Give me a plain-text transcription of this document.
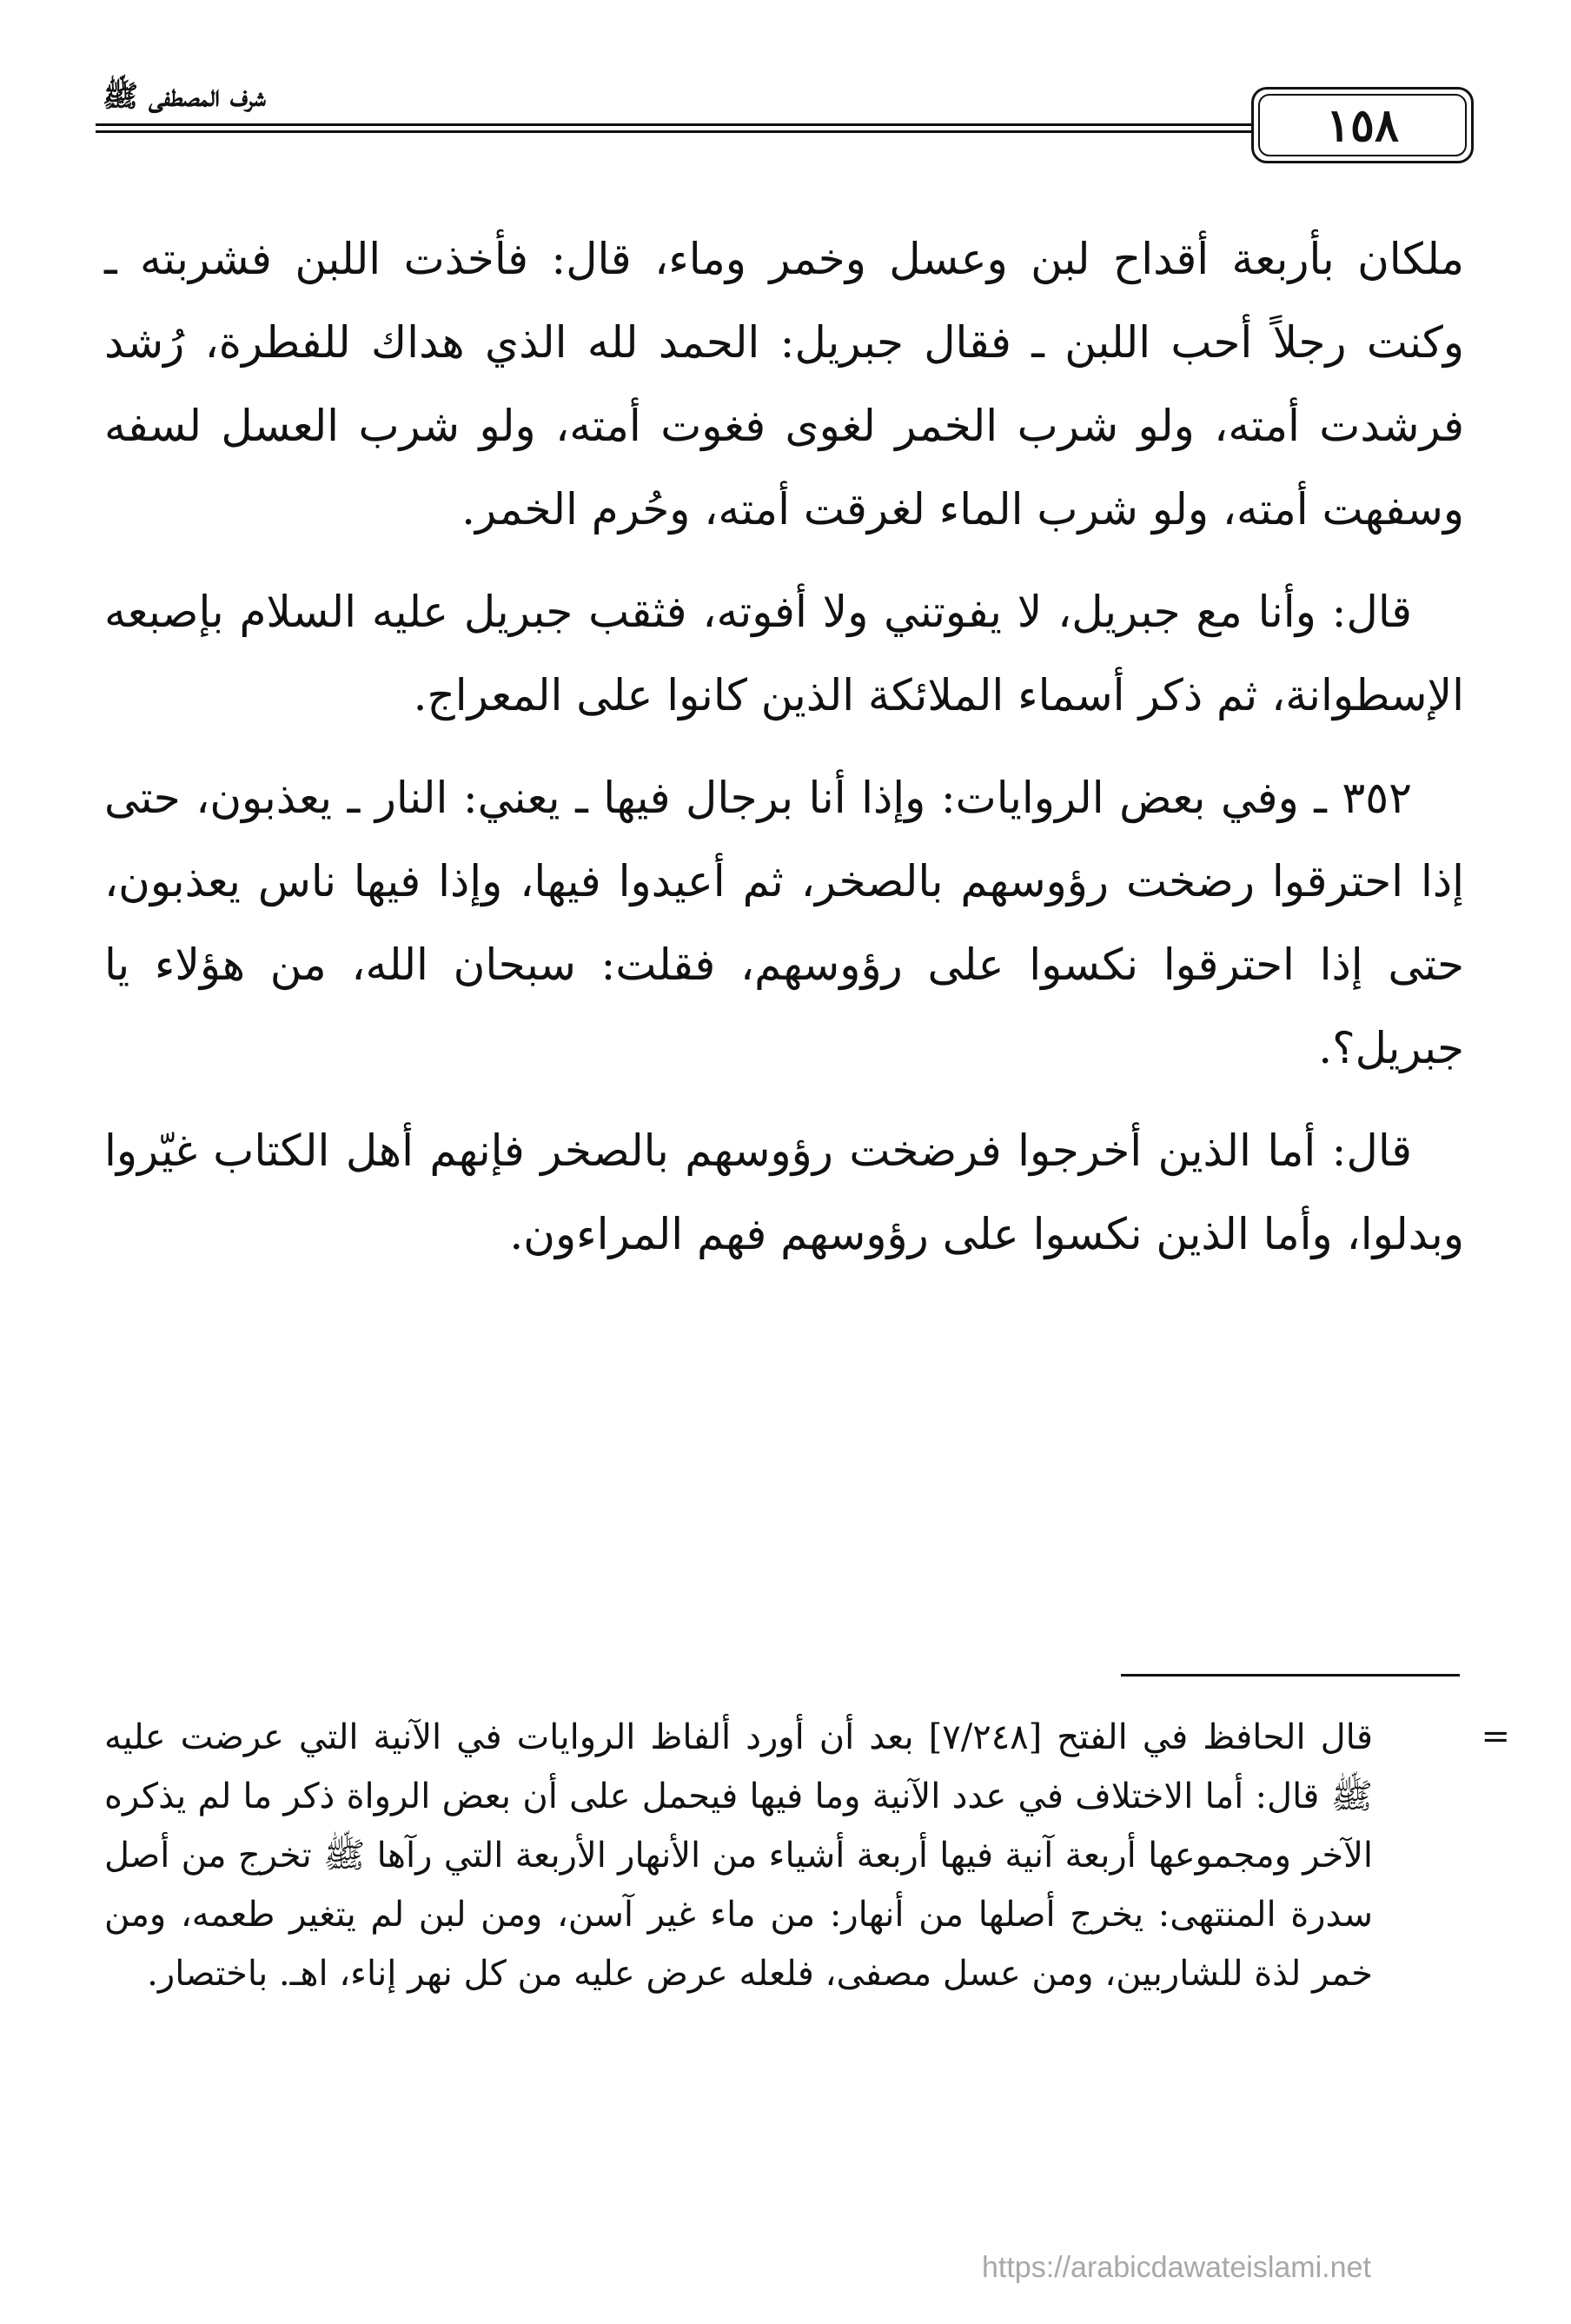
١٥٨
شرف المصطفى ﷺ

ملكان بأربعة أقداح لبن وعسل وخمر وماء، قال: فأخذت اللبن فشربته ـ وكنت رجلاً أحب اللبن ـ فقال جبريل: الحمد لله الذي هداك للفطرة، رُشد فرشدت أمته، ولو شرب الخمر لغوى فغوت أمته، ولو شرب العسل لسفه وسفهت أمته، ولو شرب الماء لغرقت أمته، وحُرم الخمر.

قال: وأنا مع جبريل، لا يفوتني ولا أفوته، فثقب جبريل عليه السلام بإصبعه الإسطوانة، ثم ذكر أسماء الملائكة الذين كانوا على المعراج.

٣٥٢ ـ وفي بعض الروايات: وإذا أنا برجال فيها ـ يعني: النار ـ يعذبون، حتى إذا احترقوا رضخت رؤوسهم بالصخر، ثم أعيدوا فيها، وإذا فيها ناس يعذبون، حتى إذا احترقوا نكسوا على رؤوسهم، فقلت: سبحان الله، من هؤلاء يا جبريل؟.

قال: أما الذين أخرجوا فرضخت رؤوسهم بالصخر فإنهم أهل الكتاب غيّروا وبدلوا، وأما الذين نكسوا على رؤوسهم فهم المراءون.

=
قال الحافظ في الفتح [٧/٢٤٨] بعد أن أورد ألفاظ الروايات في الآنية التي عرضت عليه ﷺ قال: أما الاختلاف في عدد الآنية وما فيها فيحمل على أن بعض الرواة ذكر ما لم يذكره الآخر ومجموعها أربعة آنية فيها أربعة أشياء من الأنهار الأربعة التي رآها ﷺ تخرج من أصل سدرة المنتهى: يخرج أصلها من أنهار: من ماء غير آسن، ومن لبن لم يتغير طعمه، ومن خمر لذة للشاربين، ومن عسل مصفى، فلعله عرض عليه من كل نهر إناء، اهـ. باختصار.
https://arabicdawateislami.net
